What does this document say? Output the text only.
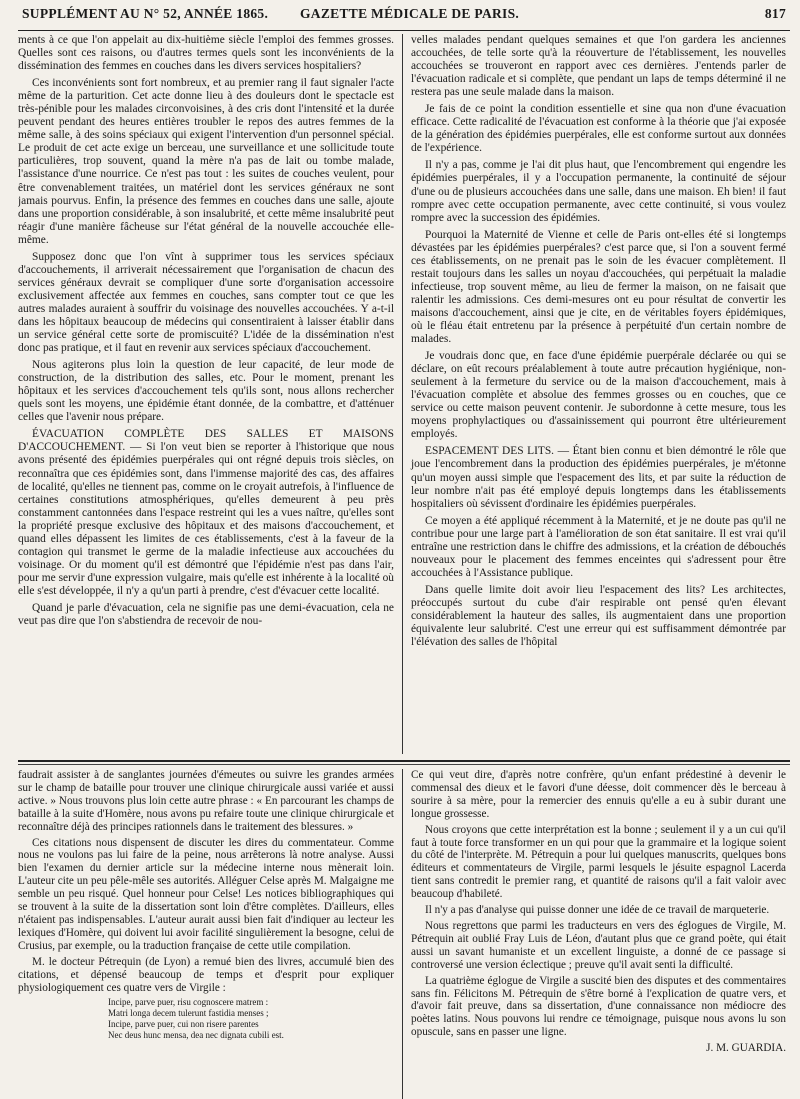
SUPPLÉMENT AU N° 52, ANNÉE 1865. GAZETTE MÉDICALE DE PARIS.	817

ments à ce que l'on appelait au dix-huitième siècle l'emploi des femmes grosses. Quelles sont ces raisons, ou d'autres termes quels sont les inconvénients de la dissémination des femmes en couches dans les divers services hospitaliers?

Ces inconvénients sont fort nombreux, et au premier rang il faut signaler l'acte même de la parturition. Cet acte donne lieu à des douleurs dont le spectacle est très-pénible pour les malades circonvoisines, à des cris dont l'intensité et la durée peuvent pendant des heures entières troubler le repos des autres femmes de la même salle, à des soins spéciaux qui exigent l'intervention d'un personnel spécial. Le produit de cet acte exige un berceau, une surveillance et une sollicitude toute particulières, trop souvent, quand la mère n'a pas de lait ou tombe malade, l'assistance d'une nourrice. Ce n'est pas tout : les suites de couches veulent, pour être convenablement traitées, un matériel dont les services généraux ne sont jamais pourvus. Enfin, la présence des femmes en couches dans une salle, ajoute dans une proportion considérable, à son insalubrité, et cette même insalubrité peut réagir d'une manière fâcheuse sur l'état général de la nouvelle accouchée elle-même.

Supposez donc que l'on vînt à supprimer tous les services spéciaux d'accouchements, il arriverait nécessairement que l'organisation de chacun des services généraux devrait se compliquer d'une sorte d'organisation accessoire exclusivement affectée aux femmes en couches, sans compter tout ce que les autres malades auraient à souffrir du voisinage des nouvelles accouchées. Y a-t-il dans les hôpitaux beaucoup de médecins qui consentiraient à laisser établir dans un service général cette sorte de promiscuité? L'idée de la dissémination n'est donc pas pratique, et il faut en revenir aux services spéciaux d'accouchement.

Nous agiterons plus loin la question de leur capacité, de leur mode de construction, de la distribution des salles, etc. Pour le moment, prenant les hôpitaux et les services d'accouchement tels qu'ils sont, nous allons rechercher quels sont les moyens, une épidémie étant donnée, de la combattre, et d'atténuer celles que l'avenir nous prépare.

ÉVACUATION COMPLÈTE DES SALLES ET MAISONS D'ACCOUCHEMENT. — Si l'on veut bien se reporter à l'historique que nous avons présenté des épidémies puerpérales qui ont régné depuis trois siècles, on reconnaîtra que ces épidémies sont, dans l'immense majorité des cas, des affaires de localité, qu'elles ne tiennent pas, comme on le croyait autrefois, à l'influence de certaines constitutions atmosphériques, qu'elles demeurent à peu près constamment cantonnées dans l'espace restreint qui les a vues naître, qu'elles sont la propriété presque exclusive des hôpitaux et des maisons d'accouchement, et quand elles dépassent les limites de ces établissements, c'est à la faveur de la contagion qui transmet le germe de la maladie infectieuse aux accouchées du voisinage. Or du moment qu'il est démontré que l'épidémie n'est pas dans l'air, pour me servir d'une expression vulgaire, mais qu'elle est inhérente à la localité où elle s'est développée, il n'y a qu'un parti à prendre, c'est d'évacuer cette localité.

Quand je parle d'évacuation, cela ne signifie pas une demi-évacuation, cela ne veut pas dire que l'on s'abstiendra de recevoir de nou-

velles malades pendant quelques semaines et que l'on gardera les anciennes accouchées, de telle sorte qu'à la réouverture de l'établissement, les nouvelles accouchées se trouveront en rapport avec ces dernières. J'entends parler de l'évacuation radicale et si complète, que pendant un laps de temps déterminé il ne restera pas une seule malade dans la maison.

Je fais de ce point la condition essentielle et sine qua non d'une évacuation efficace. Cette radicalité de l'évacuation est conforme à la théorie que j'ai exposée de la génération des épidémies puerpérales, elle est conforme surtout aux données de l'expérience.

Il n'y a pas, comme je l'ai dit plus haut, que l'encombrement qui engendre les épidémies puerpérales, il y a l'occupation permanente, la continuité de séjour d'une ou de plusieurs accouchées dans une salle, dans une maison. Eh bien! il faut rompre avec cette occupation permanente, avec cette continuité, si vous voulez rompre avec la succession des épidémies.

Pourquoi la Maternité de Vienne et celle de Paris ont-elles été si longtemps dévastées par les épidémies puerpérales? c'est parce que, si l'on a souvent fermé ces établissements, on ne prenait pas le soin de les évacuer complètement. Il restait toujours dans les salles un noyau d'accouchées, qui perpétuait la maladie infectieuse, trop souvent même, au lieu de fermer la maison, on ne faisait que ralentir les admissions. Ces demi-mesures ont eu pour résultat de convertir les maisons d'accouchement, ainsi que je cite, en de véritables foyers épidémiques, où le fléau était entretenu par la présence à perpétuité d'un certain nombre de malades.

Je voudrais donc que, en face d'une épidémie puerpérale déclarée ou qui se déclare, on eût recours préalablement à toute autre précaution hygiénique, non-seulement à la fermeture du service ou de la maison d'accouchement, mais à l'évacuation complète et absolue des femmes grosses ou en couches, que ce service ou cette maison peuvent contenir. Je subordonne à cette mesure, tous les moyens prophylactiques ou d'assainissement qui pourront être ultérieurement employés.

ESPACEMENT DES LITS. — Étant bien connu et bien démontré le rôle que joue l'encombrement dans la production des épidémies puerpérales, je m'étonne qu'un moyen aussi simple que l'espacement des lits, et par suite la réduction de leur nombre n'ait pas été employé depuis longtemps dans les établissements hospitaliers où sévissent d'ordinaire les épidémies puerpérales.

Ce moyen a été appliqué récemment à la Maternité, et je ne doute pas qu'il ne contribue pour une large part à l'amélioration de son état sanitaire. Il est vrai qu'il entraîne une restriction dans le chiffre des admissions, et la création de débouchés nouveaux pour le placement des femmes enceintes qui s'adressent pour être accouchées à l'Assistance publique.

Dans quelle limite doit avoir lieu l'espacement des lits? Les architectes, préoccupés surtout du cube d'air respirable ont pensé qu'en élevant considérablement la hauteur des salles, ils augmentaient dans une proportion équivalente leur salubrité. C'est une erreur qui est suffisamment démontrée par l'élévation des salles de l'hôpital

faudrait assister à de sanglantes journées d'émeutes ou suivre les grandes armées sur le champ de bataille pour trouver une clinique chirurgicale aussi variée et aussi active. » Nous trouvons plus loin cette autre phrase : « En parcourant les champs de bataille à la suite d'Homère, nous avons pu refaire toute une clinique chirurgicale et reconnaître déjà des principes rationnels dans le traitement des blessures. »

Ces citations nous dispensent de discuter les dires du commentateur. Comme nous ne voulons pas lui faire de la peine, nous arrêterons là notre analyse. Aussi bien l'examen du dernier article sur la médecine interne nous mènerait loin. L'auteur cite un peu pêle-mêle ses autorités. Alléguer Celse après M. Malgaigne me semble un peu risqué. Quel honneur pour Celse! Les notices bibliographiques qui se trouvent à la suite de la dissertation sont loin d'être complètes. D'ailleurs, elles n'étaient pas indispensables. L'auteur aurait aussi bien fait d'indiquer au lecteur les lexiques d'Homère, qui doivent lui avoir facilité singulièrement la besogne, celui de Crusius, par exemple, ou la traduction française de cette utile compilation.

M. le docteur Pétrequin (de Lyon) a remué bien des livres, accumulé bien des citations, et dépensé beaucoup de temps et d'esprit pour expliquer physiologiquement ces quatre vers de Virgile :

Incipe, parve puer, risu cognoscere matrem :
Matri longa decem tulerunt fastidia menses ;
Incipe, parve puer, cui non risere parentes
Nec deus hunc mensa, dea nec dignata cubili est.

Ce qui veut dire, d'après notre confrère, qu'un enfant prédestiné à devenir le commensal des dieux et le favori d'une déesse, doit commencer dès le berceau à sourire à sa mère, pour la remercier des ennuis qu'elle a eu à subir durant une longue grossesse.

Nous croyons que cette interprétation est la bonne ; seulement il y a un cui qu'il faut à toute force transformer en un qui pour que la grammaire et la logique soient du côté de l'interprète. M. Pétrequin a pour lui quelques manuscrits, quelques bons éditeurs et commentateurs de Virgile, parmi lesquels le jésuite espagnol Lacerda tient sans contredit le premier rang, et quantité de raisons qu'il a fait valoir avec beaucoup d'habileté.

Il n'y a pas d'analyse qui puisse donner une idée de ce travail de marqueterie.

Nous regrettons que parmi les traducteurs en vers des églogues de Virgile, M. Pétrequin ait oublié Fray Luis de Léon, d'autant plus que ce grand poète, qui était aussi un savant humaniste et un excellent linguiste, a donné de ce passage si controversé une version éclectique ; preuve qu'il avait senti la difficulté.

La quatrième églogue de Virgile a suscité bien des disputes et des commentaires sans fin. Félicitons M. Pétrequin de s'être borné à l'explication de quatre vers, et d'avoir fait preuve, dans sa dissertation, d'une connaissance non médiocre des poètes latins. Nous pouvons lui rendre ce témoignage, puisque nous avons lu son opuscule, sans en passer une ligne.

J. M. GUARDIA.
